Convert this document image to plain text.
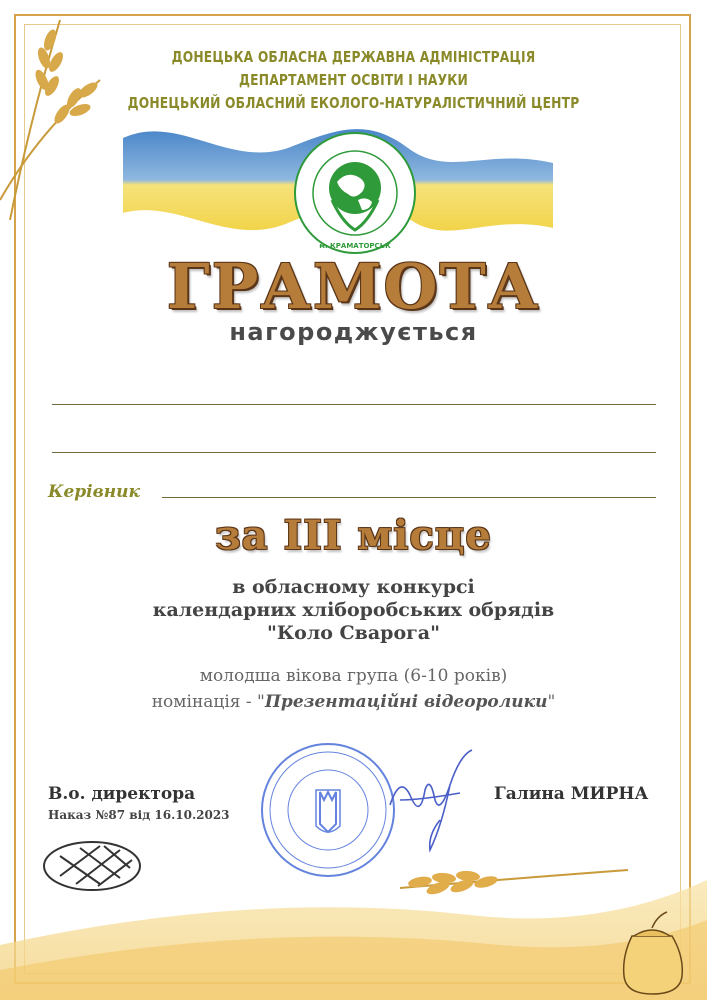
ДОНЕЦЬКА ОБЛАСНА ДЕРЖАВНА АДМІНІСТРАЦІЯ
ДЕПАРТАМЕНТ ОСВІТИ І НАУКИ
ДОНЕЦЬКИЙ ОБЛАСНИЙ ЕКОЛОГО-НАТУРАЛІСТИЧНИЙ ЦЕНТР
м. КРАМАТОРСЬК
ГРАМОТА
нагороджується
Керівник
за ІІІ місце
в обласному конкурсі
календарних хліборобських обрядів
"Коло Сварога"
молодша вікова група (6-10 років)
номінація - "Презентаційні відеоролики"
В.о. директора
Наказ №87 від 16.10.2023
Галина МИРНА
